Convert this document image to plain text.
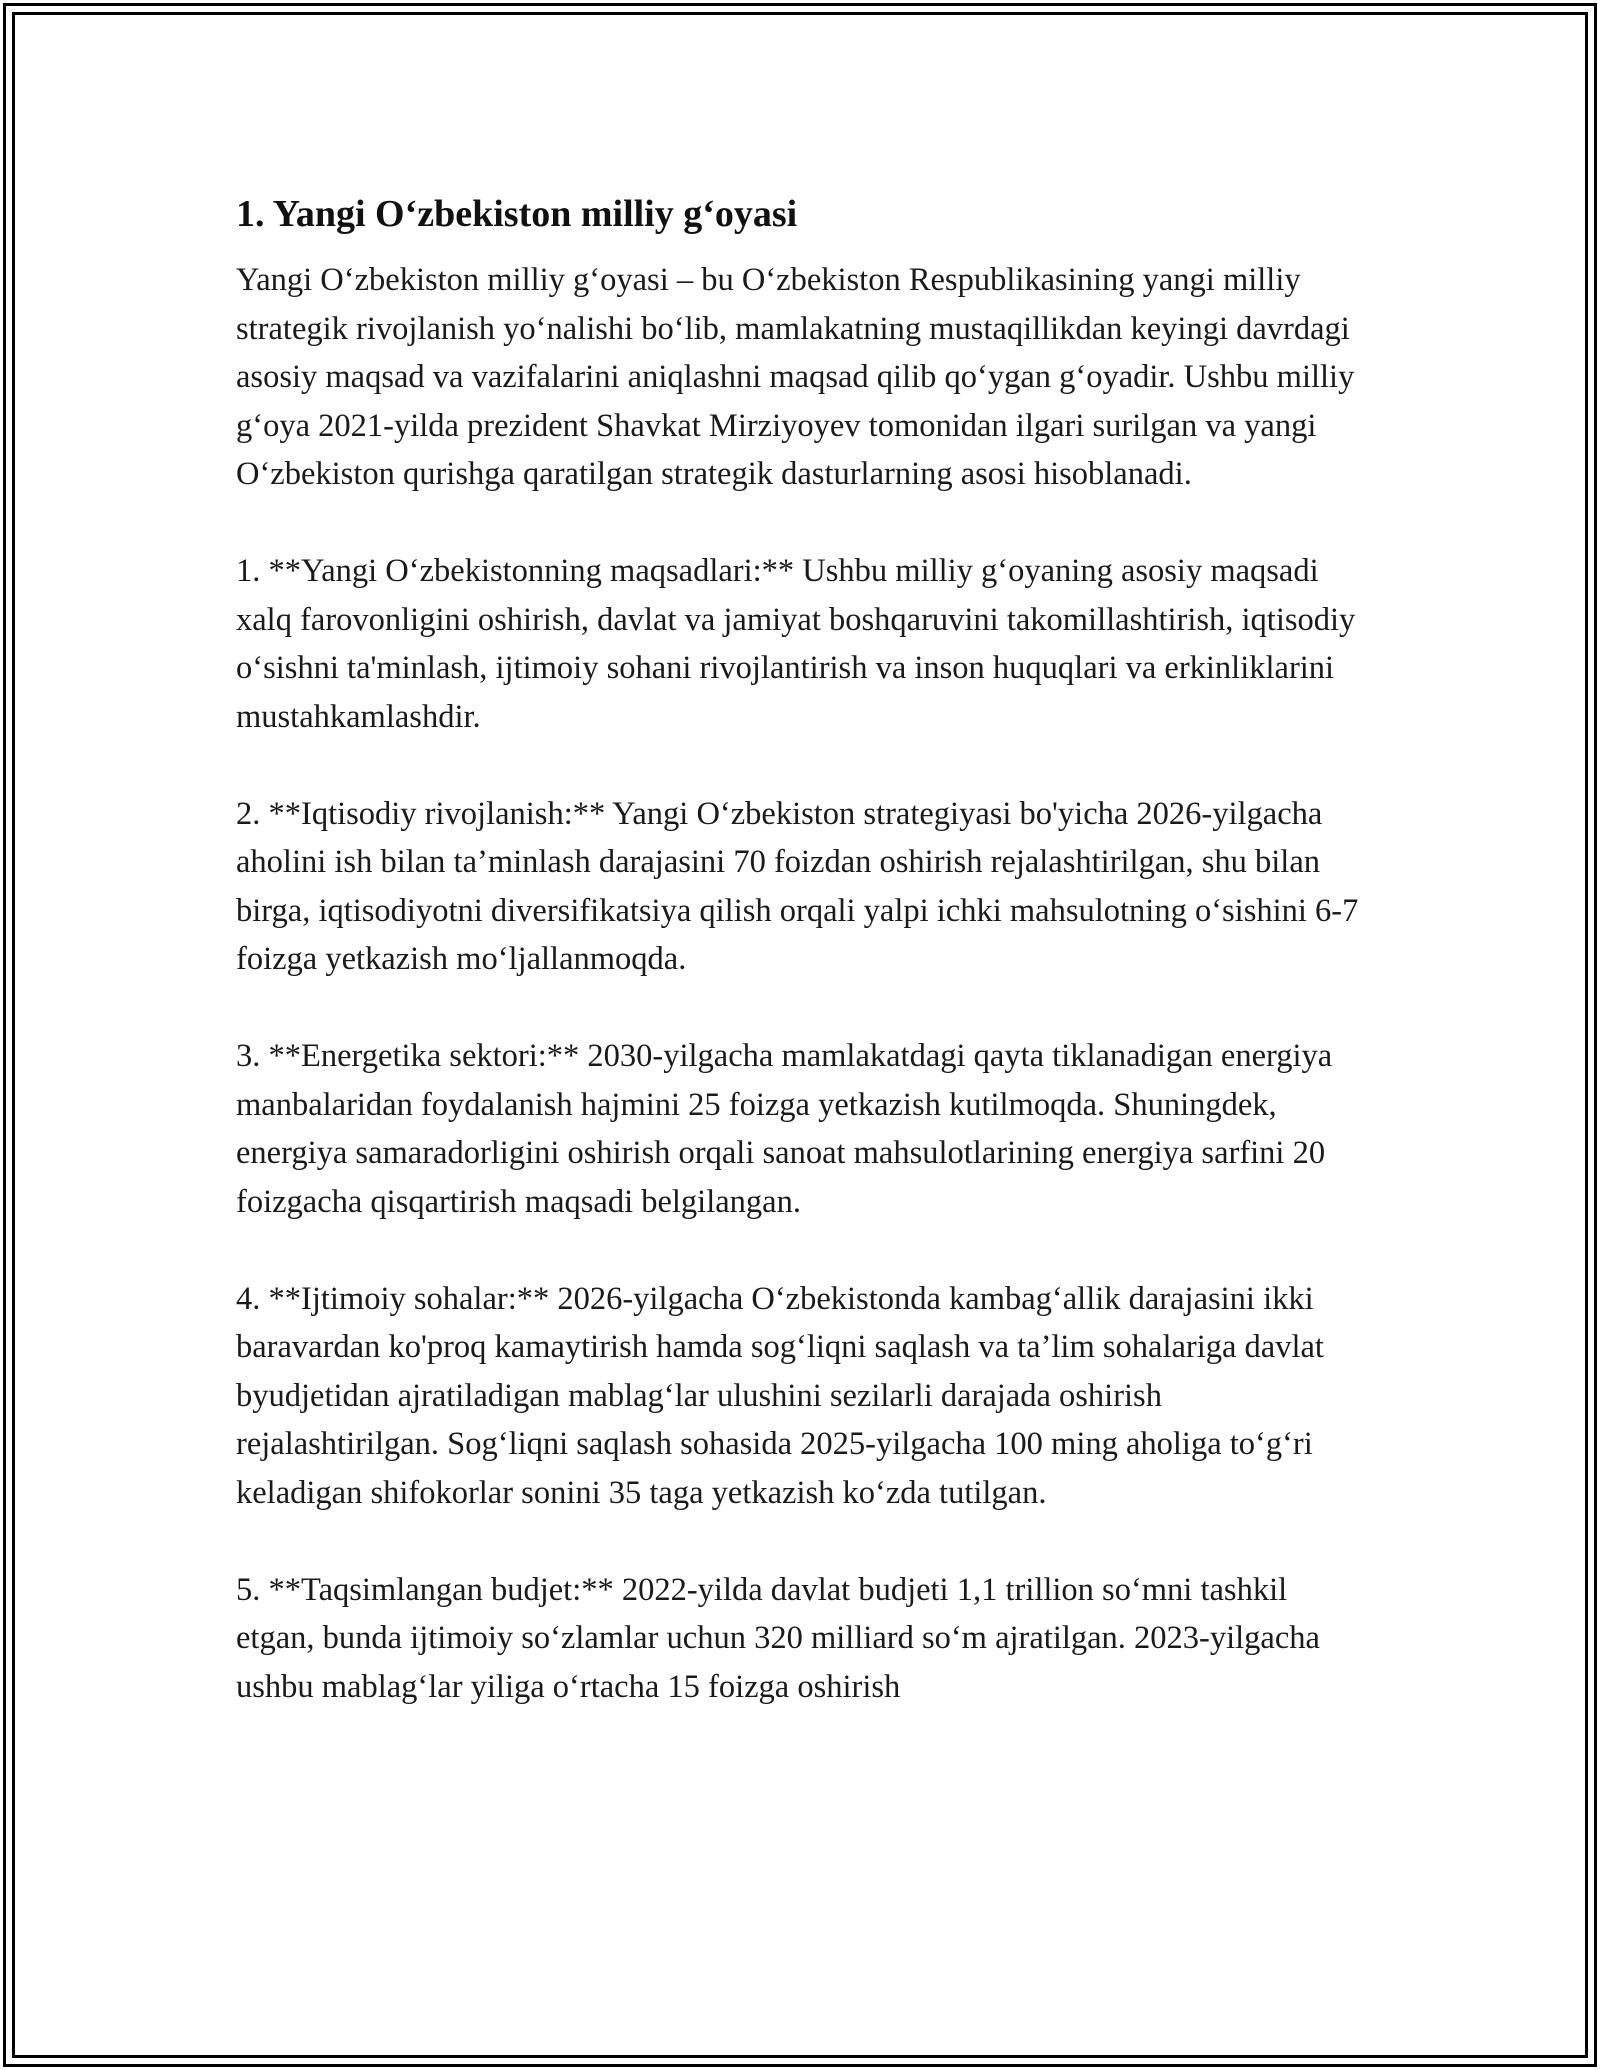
1. Yangi O‘zbekiston milliy g‘oyasi

Yangi O‘zbekiston milliy g‘oyasi – bu O‘zbekiston Respublikasining yangi milliy strategik rivojlanish yo‘nalishi bo‘lib, mamlakatning mustaqillikdan keyingi davrdagi asosiy maqsad va vazifalarini aniqlashni maqsad qilib qo‘ygan g‘oyadir. Ushbu milliy g‘oya 2021-yilda prezident Shavkat Mirziyoyev tomonidan ilgari surilgan va yangi O‘zbekiston qurishga qaratilgan strategik dasturlarning asosi hisoblanadi.

1. **Yangi O‘zbekistonning maqsadlari:** Ushbu milliy g‘oyaning asosiy maqsadi xalq farovonligini oshirish, davlat va jamiyat boshqaruvini takomillashtirish, iqtisodiy o‘sishni ta'minlash, ijtimoiy sohani rivojlantirish va inson huquqlari va erkinliklarini mustahkamlashdir.

2. **Iqtisodiy rivojlanish:** Yangi O‘zbekiston strategiyasi bo'yicha 2026-yilgacha aholini ish bilan ta’minlash darajasini 70 foizdan oshirish rejalashtirilgan, shu bilan birga, iqtisodiyotni diversifikatsiya qilish orqali yalpi ichki mahsulotning o‘sishini 6-7 foizga yetkazish mo‘ljallanmoqda.

3. **Energetika sektori:** 2030-yilgacha mamlakatdagi qayta tiklanadigan energiya manbalaridan foydalanish hajmini 25 foizga yetkazish kutilmoqda. Shuningdek, energiya samaradorligini oshirish orqali sanoat mahsulotlarining energiya sarfini 20 foizgacha qisqartirish maqsadi belgilangan.

4. **Ijtimoiy sohalar:** 2026-yilgacha O‘zbekistonda kambag‘allik darajasini ikki baravardan ko'proq kamaytirish hamda sog‘liqni saqlash va ta’lim sohalariga davlat byudjetidan ajratiladigan mablag‘lar ulushini sezilarli darajada oshirish rejalashtirilgan. Sog‘liqni saqlash sohasida 2025-yilgacha 100 ming aholiga to‘g‘ri keladigan shifokorlar sonini 35 taga yetkazish ko‘zda tutilgan.

5. **Taqsimlangan budjet:** 2022-yilda davlat budjeti 1,1 trillion so‘mni tashkil etgan, bunda ijtimoiy so‘zlamlar uchun 320 milliard so‘m ajratilgan. 2023-yilgacha ushbu mablag‘lar yiliga o‘rtacha 15 foizga oshirish
